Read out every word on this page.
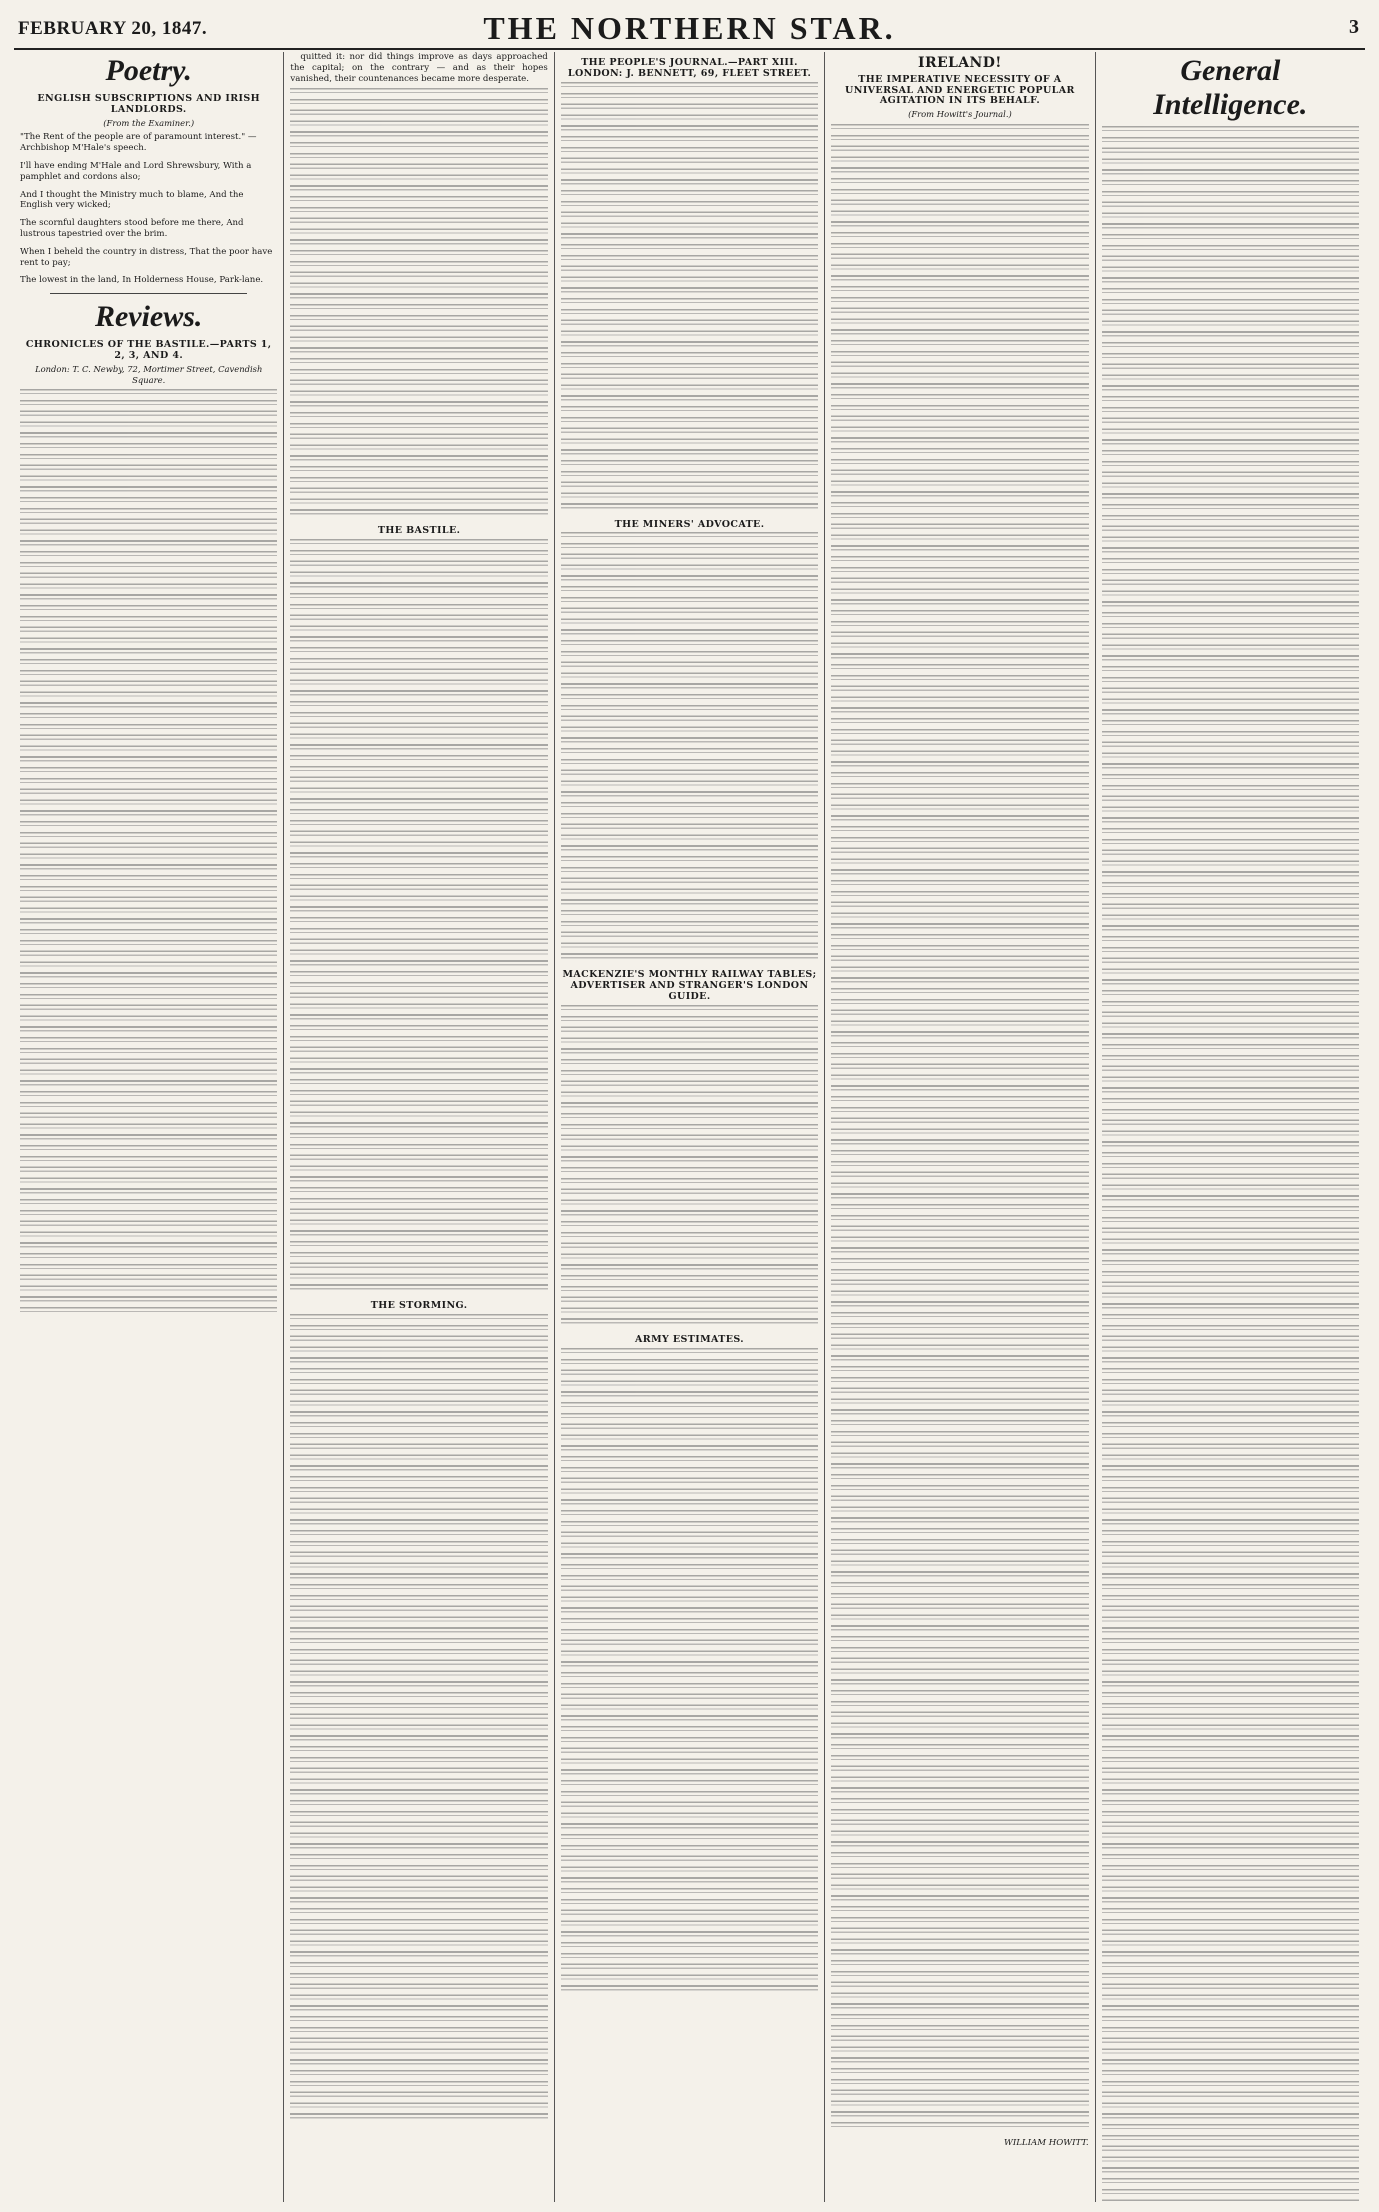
FEBRUARY 20, 1847.	THE NORTHERN STAR.	3
Poetry.
ENGLISH SUBSCRIPTIONS AND IRISH LANDLORDS.
(From the Examiner.)

"The Rent of the people are of paramount interest." — Archbishop M'Hale's speech.

I'll have ending M'Hale and Lord Shrewsbury, With a pamphlet and cordons also;

And I thought the Ministry much to blame, And the English very wicked;

The scornful daughters stood before me there, And lustrous tapestried over the brim.

When I beheld the country in distress, That the poor have rent to pay;

The lowest in the land, In Holderness House, Park-lane.

Reviews.
CHRONICLES OF THE BASTILE.—PARTS 1, 2, 3, AND 4.
London: T. C. Newby, 72, Mortimer Street, Cavendish Square.

quitted it: nor did things improve as days approached the capital; on the contrary — and as their hopes vanished, their countenances became more desperate.

THE BASTILE.

THE STORMING.

THE PEOPLE'S JOURNAL.—PART XIII. LONDON: J. BENNETT, 69, FLEET STREET.

THE MINERS' ADVOCATE.

MACKENZIE'S MONTHLY RAILWAY TABLES; ADVERTISER AND STRANGER'S LONDON GUIDE.

ARMY ESTIMATES.

IRELAND!
THE IMPERATIVE NECESSITY OF A UNIVERSAL AND ENERGETIC POPULAR AGITATION IN ITS BEHALF.
(From Howitt's Journal.)

WILLIAM HOWITT.
General Intelligence.
